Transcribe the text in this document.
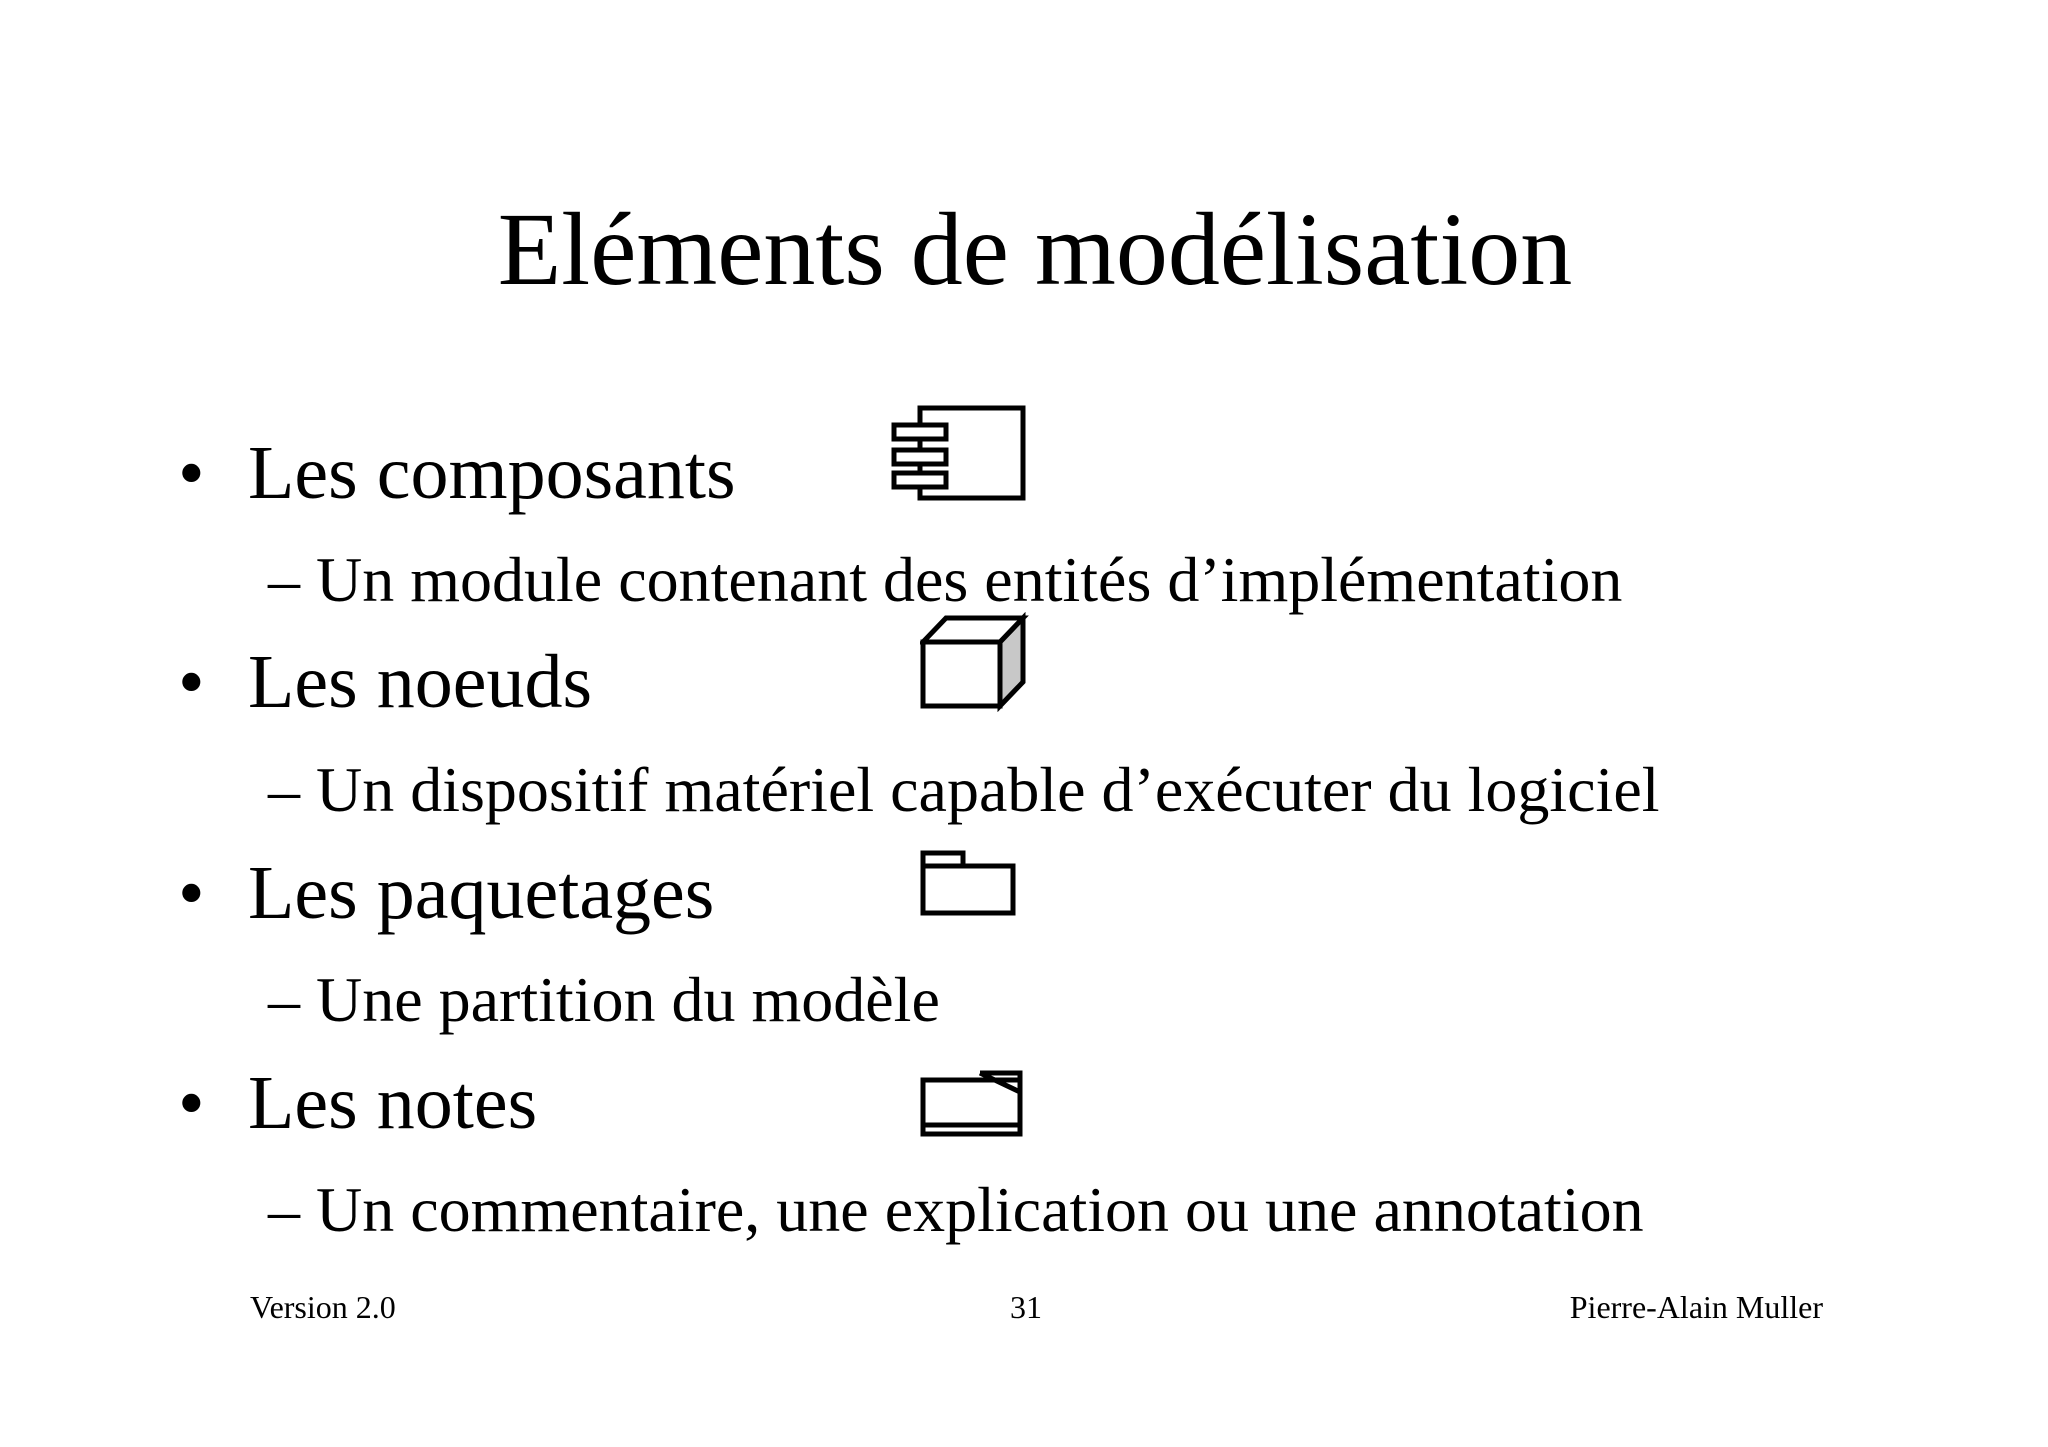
Eléments de modélisation
• Les composants
– Un module contenant des entités d’implémentation
• Les noeuds
– Un dispositif matériel capable d’exécuter du logiciel
• Les paquetages
– Une partition du modèle
• Les notes
– Un commentaire, une explication ou une annotation
Version 2.0	31	Pierre-Alain Muller
